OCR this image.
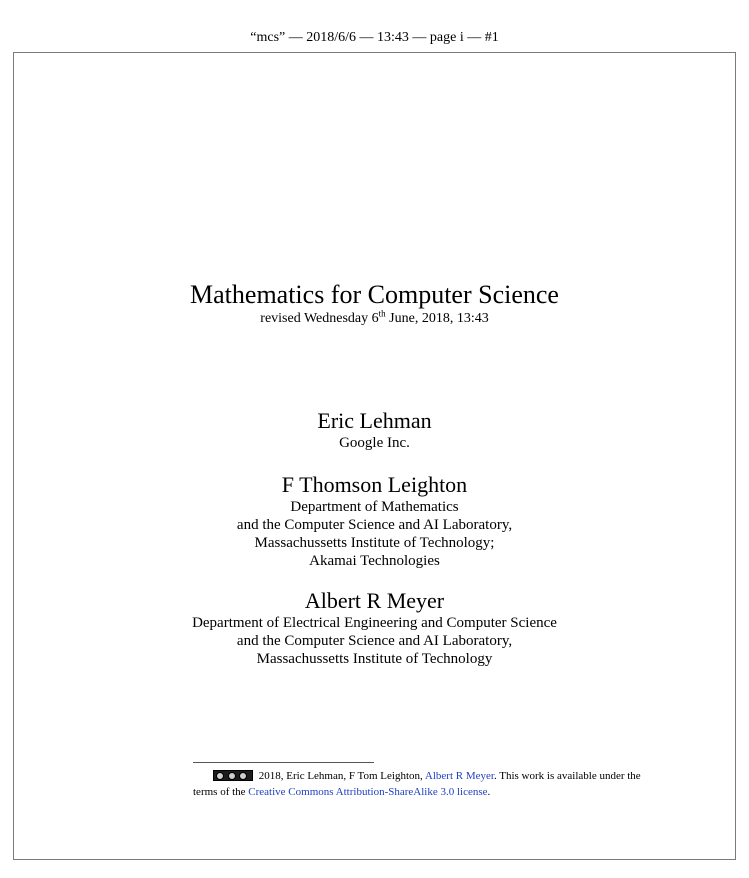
“mcs” — 2018/6/6 — 13:43 — page i — #1
Mathematics for Computer Science
revised Wednesday 6th June, 2018, 13:43
Eric Lehman
Google Inc.
F Thomson Leighton
Department of Mathematics
and the Computer Science and AI Laboratory,
Massachussetts Institute of Technology;
Akamai Technologies
Albert R Meyer
Department of Electrical Engineering and Computer Science
and the Computer Science and AI Laboratory,
Massachussetts Institute of Technology
2018, Eric Lehman, F Tom Leighton, Albert R Meyer. This work is available under the
terms of the Creative Commons Attribution-ShareAlike 3.0 license.
